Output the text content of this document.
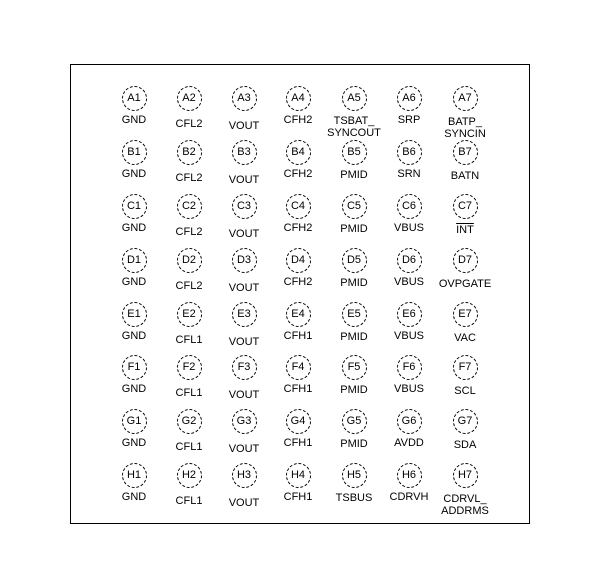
A1
GND
A2
CFL2
A3
VOUT
A4
CFH2
A5
TSBAT_
SYNCOUT
A6
SRP
A7
BATP_
SYNCIN
B1
GND
B2
CFL2
B3
VOUT
B4
CFH2
B5
PMID
B6
SRN
B7
BATN
C1
GND
C2
CFL2
C3
VOUT
C4
CFH2
C5
PMID
C6
VBUS
C7
$\overline{INT}$
D1
GND
D2
CFL2
D3
VOUT
D4
CFH2
D5
PMID
D6
VBUS
D7
OVPGATE
E1
GND
E2
CFL1
E3
VOUT
E4
CFH1
E5
PMID
E6
VBUS
E7
VAC
F1
GND
F2
CFL1
F3
VOUT
F4
CFH1
F5
PMID
F6
VBUS
F7
SCL
G1
GND
G2
CFL1
G3
VOUT
G4
CFH1
G5
PMID
G6
AVDD
G7
SDA
H1
GND
H2
CFL1
H3
VOUT
H4
CFH1
H5
TSBUS
H6
CDRVH
H7
CDRVL_
ADDRMS
